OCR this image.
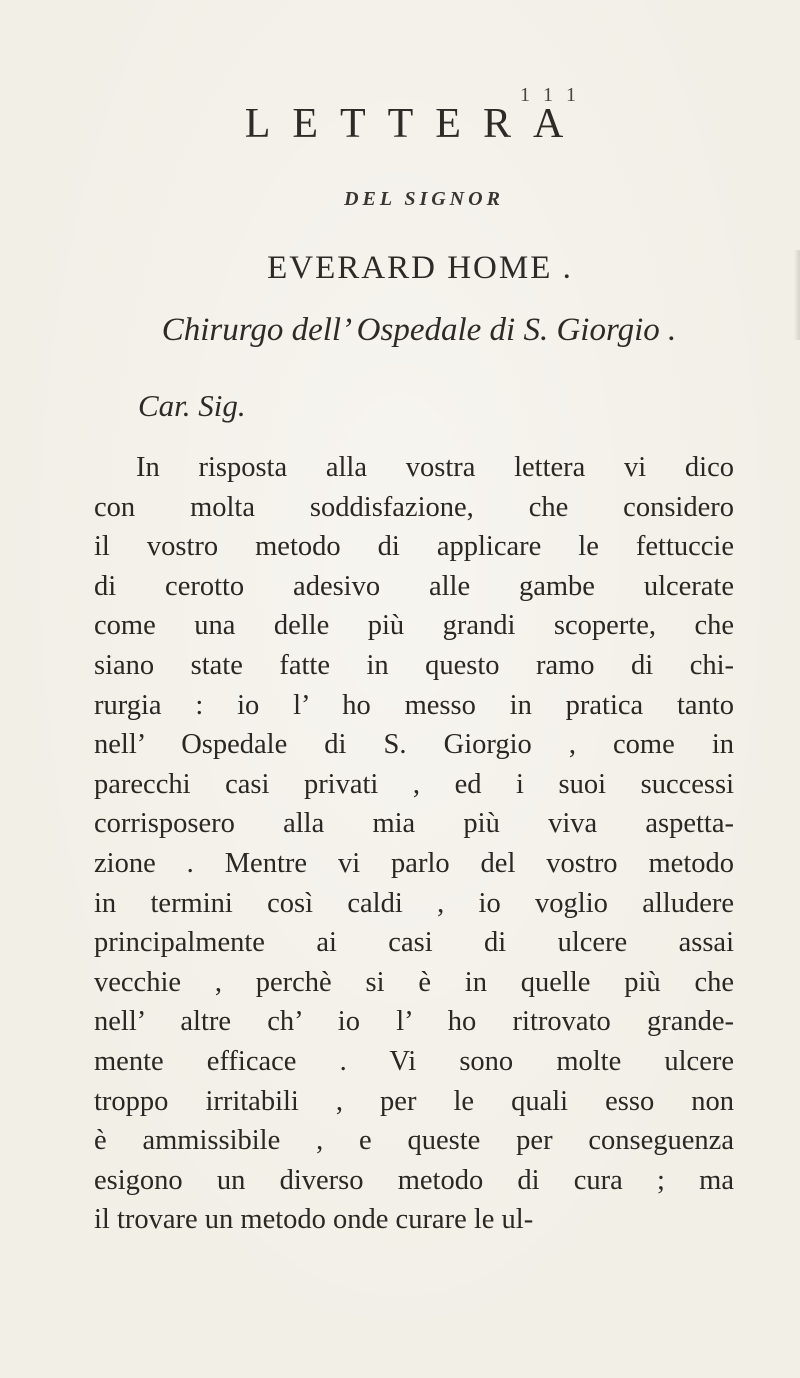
1 1 1
LETTERA
DEL SIGNOR
EVERARD HOME .
Chirurgo dell’ Ospedale di S. Giorgio .
Car. Sig.
In risposta alla vostra lettera vi dico
con molta soddisfazione, che considero
il vostro metodo di applicare le fettuccie
di cerotto adesivo alle gambe ulcerate
come una delle più grandi scoperte, che
siano state fatte in questo ramo di chi-
rurgia : io l’ ho messo in pratica tanto
nell’ Ospedale di S. Giorgio , come in
parecchi casi privati , ed i suoi successi
corrisposero alla mia più viva aspetta-
zione . Mentre vi parlo del vostro metodo
in termini così caldi , io voglio alludere
principalmente ai casi di ulcere assai
vecchie , perchè si è in quelle più che
nell’ altre ch’ io l’ ho ritrovato grande-
mente efficace . Vi sono molte ulcere
troppo irritabili , per le quali esso non
è ammissibile , e queste per conseguenza
esigono un diverso metodo di cura ; ma
il trovare un metodo onde curare le ul-
